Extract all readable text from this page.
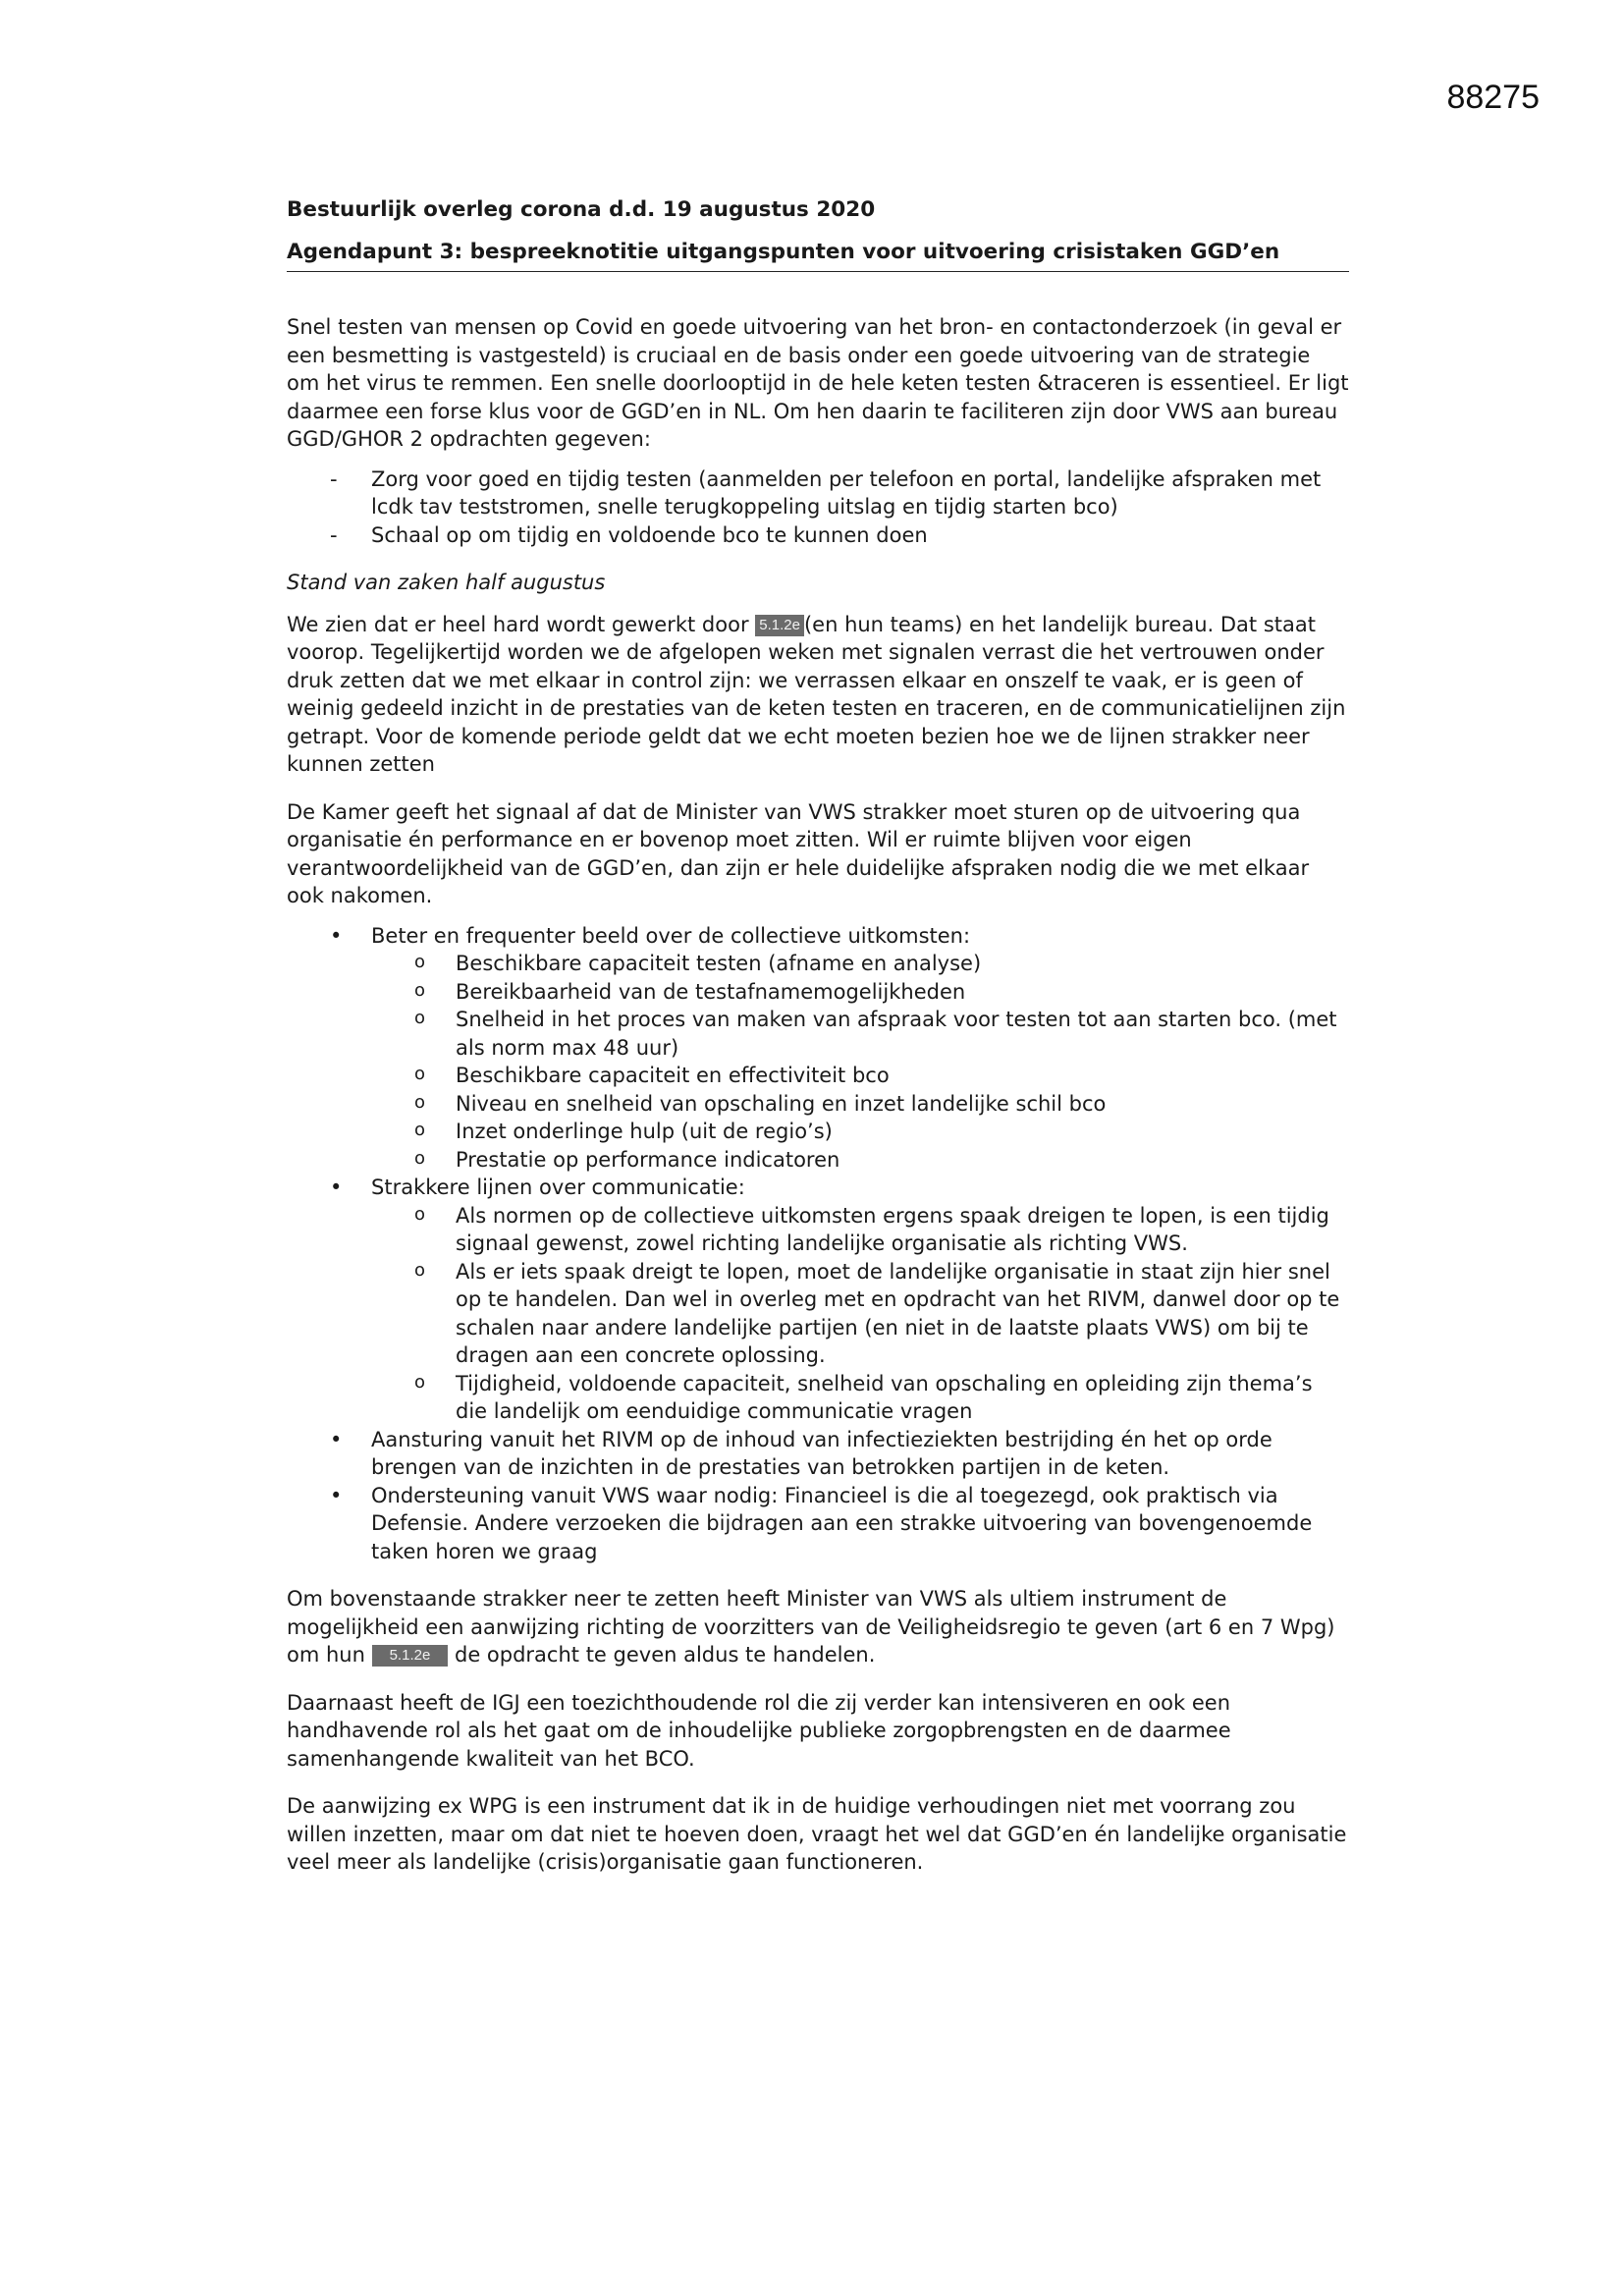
88275
Bestuurlijk overleg corona d.d. 19 augustus 2020
Agendapunt 3: bespreeknotitie uitgangspunten voor uitvoering crisistaken GGD’en

Snel testen van mensen op Covid en goede uitvoering van het bron- en contactonderzoek (in geval er een besmetting is vastgesteld) is cruciaal en de basis onder een goede uitvoering van de strategie om het virus te remmen. Een snelle doorlooptijd in de hele keten testen &traceren is essentieel. Er ligt daarmee een forse klus voor de GGD’en in NL. Om hen daarin te faciliteren zijn door VWS aan bureau GGD/GHOR 2 opdrachten gegeven:

- Zorg voor goed en tijdig testen (aanmelden per telefoon en portal, landelijke afspraken met lcdk tav teststromen, snelle terugkoppeling uitslag en tijdig starten bco)
- Schaal op om tijdig en voldoende bco te kunnen doen

Stand van zaken half augustus

We zien dat er heel hard wordt gewerkt door 5.1.2e (en hun teams) en het landelijk bureau. Dat staat voorop. Tegelijkertijd worden we de afgelopen weken met signalen verrast die het vertrouwen onder druk zetten dat we met elkaar in control zijn: we verrassen elkaar en onszelf te vaak, er is geen of weinig gedeeld inzicht in de prestaties van de keten testen en traceren, en de communicatielijnen zijn getrapt. Voor de komende periode geldt dat we echt moeten bezien hoe we de lijnen strakker neer kunnen zetten

De Kamer geeft het signaal af dat de Minister van VWS strakker moet sturen op de uitvoering qua organisatie én performance en er bovenop moet zitten. Wil er ruimte blijven voor eigen verantwoordelijkheid van de GGD’en, dan zijn er hele duidelijke afspraken nodig die we met elkaar ook nakomen.

• Beter en frequenter beeld over de collectieve uitkomsten:
o Beschikbare capaciteit testen (afname en analyse)
o Bereikbaarheid van de testafnamemogelijkheden
o Snelheid in het proces van maken van afspraak voor testen tot aan starten bco. (met als norm max 48 uur)
o Beschikbare capaciteit en effectiviteit bco
o Niveau en snelheid van opschaling en inzet landelijke schil bco
o Inzet onderlinge hulp (uit de regio’s)
o Prestatie op performance indicatoren
• Strakkere lijnen over communicatie:
o Als normen op de collectieve uitkomsten ergens spaak dreigen te lopen, is een tijdig signaal gewenst, zowel richting landelijke organisatie als richting VWS.
o Als er iets spaak dreigt te lopen, moet de landelijke organisatie in staat zijn hier snel op te handelen. Dan wel in overleg met en opdracht van het RIVM, danwel door op te schalen naar andere landelijke partijen (en niet in de laatste plaats VWS) om bij te dragen aan een concrete oplossing.
o Tijdigheid, voldoende capaciteit, snelheid van opschaling en opleiding zijn thema’s die landelijk om eenduidige communicatie vragen
• Aansturing vanuit het RIVM op de inhoud van infectieziekten bestrijding én het op orde brengen van de inzichten in de prestaties van betrokken partijen in de keten.
• Ondersteuning vanuit VWS waar nodig: Financieel is die al toegezegd, ook praktisch via Defensie. Andere verzoeken die bijdragen aan een strakke uitvoering van bovengenoemde taken horen we graag

Om bovenstaande strakker neer te zetten heeft Minister van VWS als ultiem instrument de mogelijkheid een aanwijzing richting de voorzitters van de Veiligheidsregio te geven (art 6 en 7 Wpg) om hun 5.1.2e de opdracht te geven aldus te handelen.

Daarnaast heeft de IGJ een toezichthoudende rol die zij verder kan intensiveren en ook een handhavende rol als het gaat om de inhoudelijke publieke zorgopbrengsten en de daarmee samenhangende kwaliteit van het BCO.

De aanwijzing ex WPG is een instrument dat ik in de huidige verhoudingen niet met voorrang zou willen inzetten, maar om dat niet te hoeven doen, vraagt het wel dat GGD’en én landelijke organisatie veel meer als landelijke (crisis)organisatie gaan functioneren.
